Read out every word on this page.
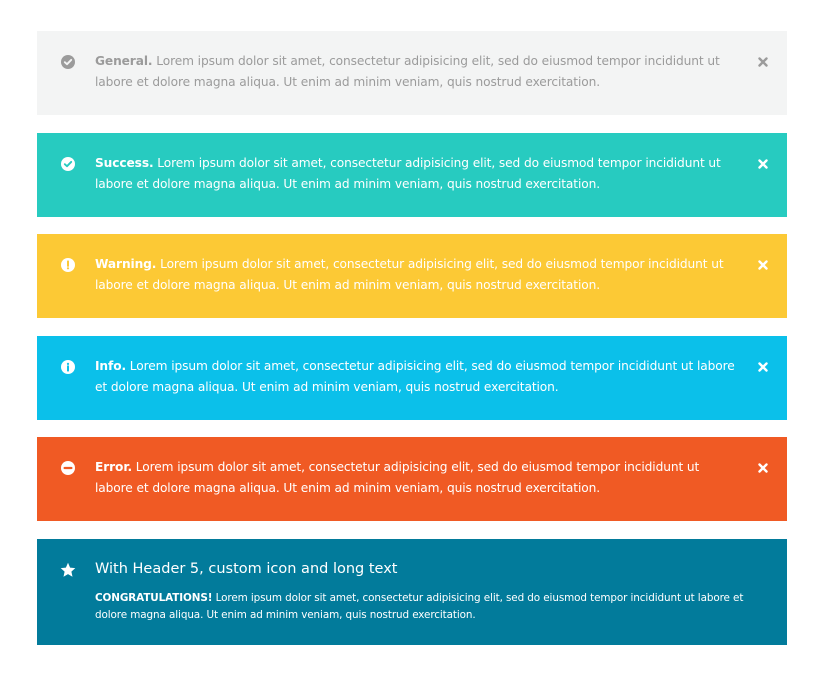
General. Lorem ipsum dolor sit amet, consectetur adipisicing elit, sed do eiusmod tempor incididunt ut labore et dolore magna aliqua. Ut enim ad minim veniam, quis nostrud exercitation.
Success. Lorem ipsum dolor sit amet, consectetur adipisicing elit, sed do eiusmod tempor incididunt ut labore et dolore magna aliqua. Ut enim ad minim veniam, quis nostrud exercitation.
Warning. Lorem ipsum dolor sit amet, consectetur adipisicing elit, sed do eiusmod tempor incididunt ut labore et dolore magna aliqua. Ut enim ad minim veniam, quis nostrud exercitation.
Info. Lorem ipsum dolor sit amet, consectetur adipisicing elit, sed do eiusmod tempor incididunt ut labore et dolore magna aliqua. Ut enim ad minim veniam, quis nostrud exercitation.
Error. Lorem ipsum dolor sit amet, consectetur adipisicing elit, sed do eiusmod tempor incididunt ut labore et dolore magna aliqua. Ut enim ad minim veniam, quis nostrud exercitation.
With Header 5, custom icon and long text
CONGRATULATIONS! Lorem ipsum dolor sit amet, consectetur adipisicing elit, sed do eiusmod tempor incididunt ut labore et dolore magna aliqua. Ut enim ad minim veniam, quis nostrud exercitation.
